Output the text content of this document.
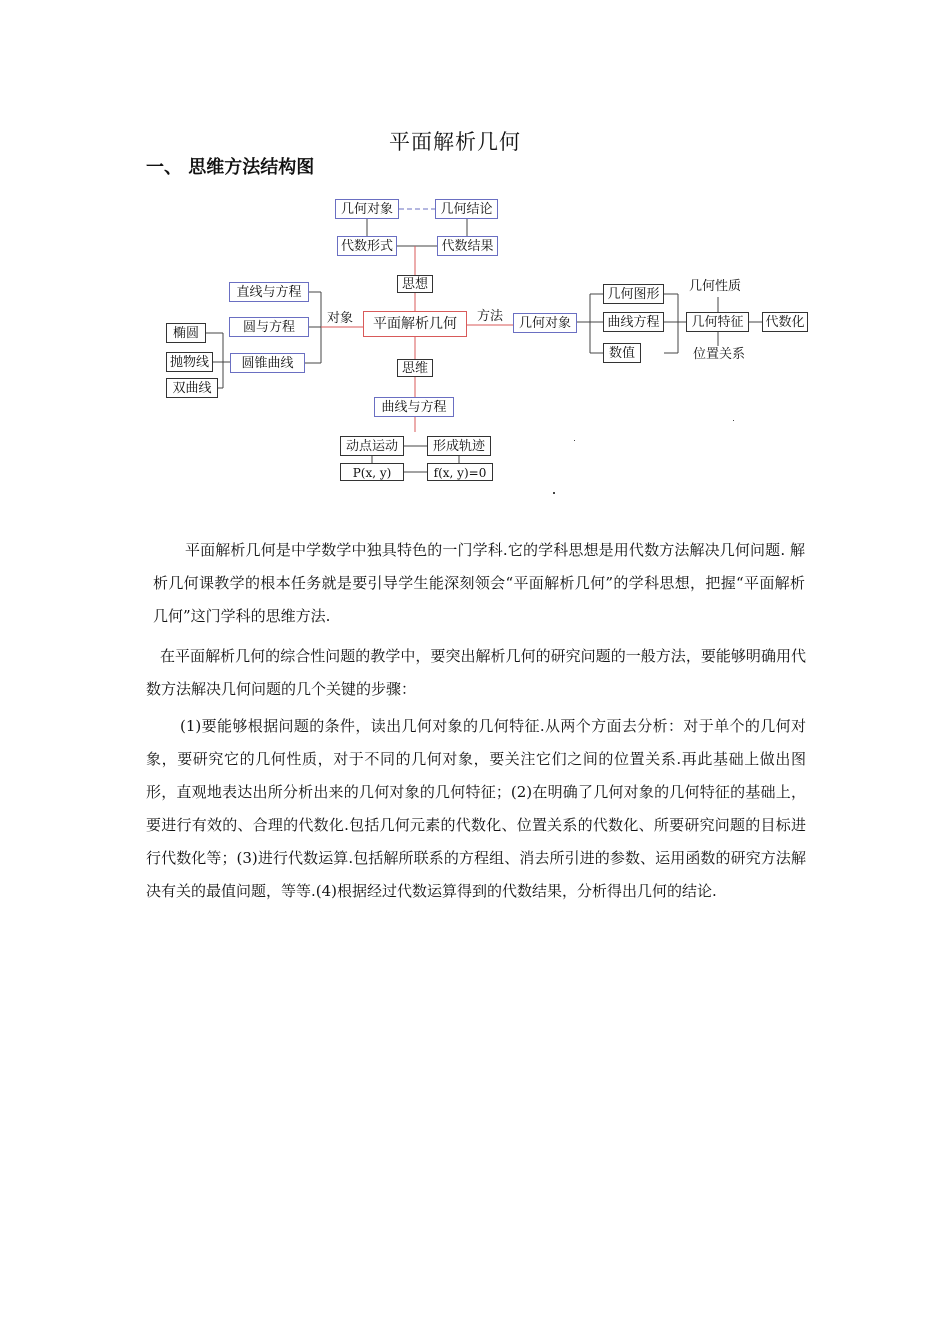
平面解析几何
一、 思维方法结构图
几何对象	几何结论
代数形式	代数结果
思想
平面解析几何
对象
直线与方程
圆与方程
圆锥曲线
椭圆
抛物线
双曲线
方法	几何对象
几何图形
曲线方程
数值
几何特征
几何性质
位置关系
代数化
思维
曲线与方程
动点运动	形成轨迹
P(x, y)	f(x, y)=0

平面解析几何是中学数学中独具特色的一门学科.它的学科思想是用代数方法解决几何问题. 解析几何课教学的根本任务就是要引导学生能深刻领会“平面解析几何”的学科思想，把握“平面解析几何”这门学科的思维方法.

在平面解析几何的综合性问题的教学中，要突出解析几何的研究问题的一般方法，要能够明确用代数方法解决几何问题的几个关键的步骤：

(1)要能够根据问题的条件，读出几何对象的几何特征.从两个方面去分析：对于单个的几何对象，要研究它的几何性质，对于不同的几何对象，要关注它们之间的位置关系.再此基础上做出图形，直观地表达出所分析出来的几何对象的几何特征；(2)在明确了几何对象的几何特征的基础上，要进行有效的、合理的代数化.包括几何元素的代数化、位置关系的代数化、所要研究问题的目标进行代数化等；(3)进行代数运算.包括解所联系的方程组、消去所引进的参数、运用函数的研究方法解决有关的最值问题，等等.(4)根据经过代数运算得到的代数结果，分析得出几何的结论.
